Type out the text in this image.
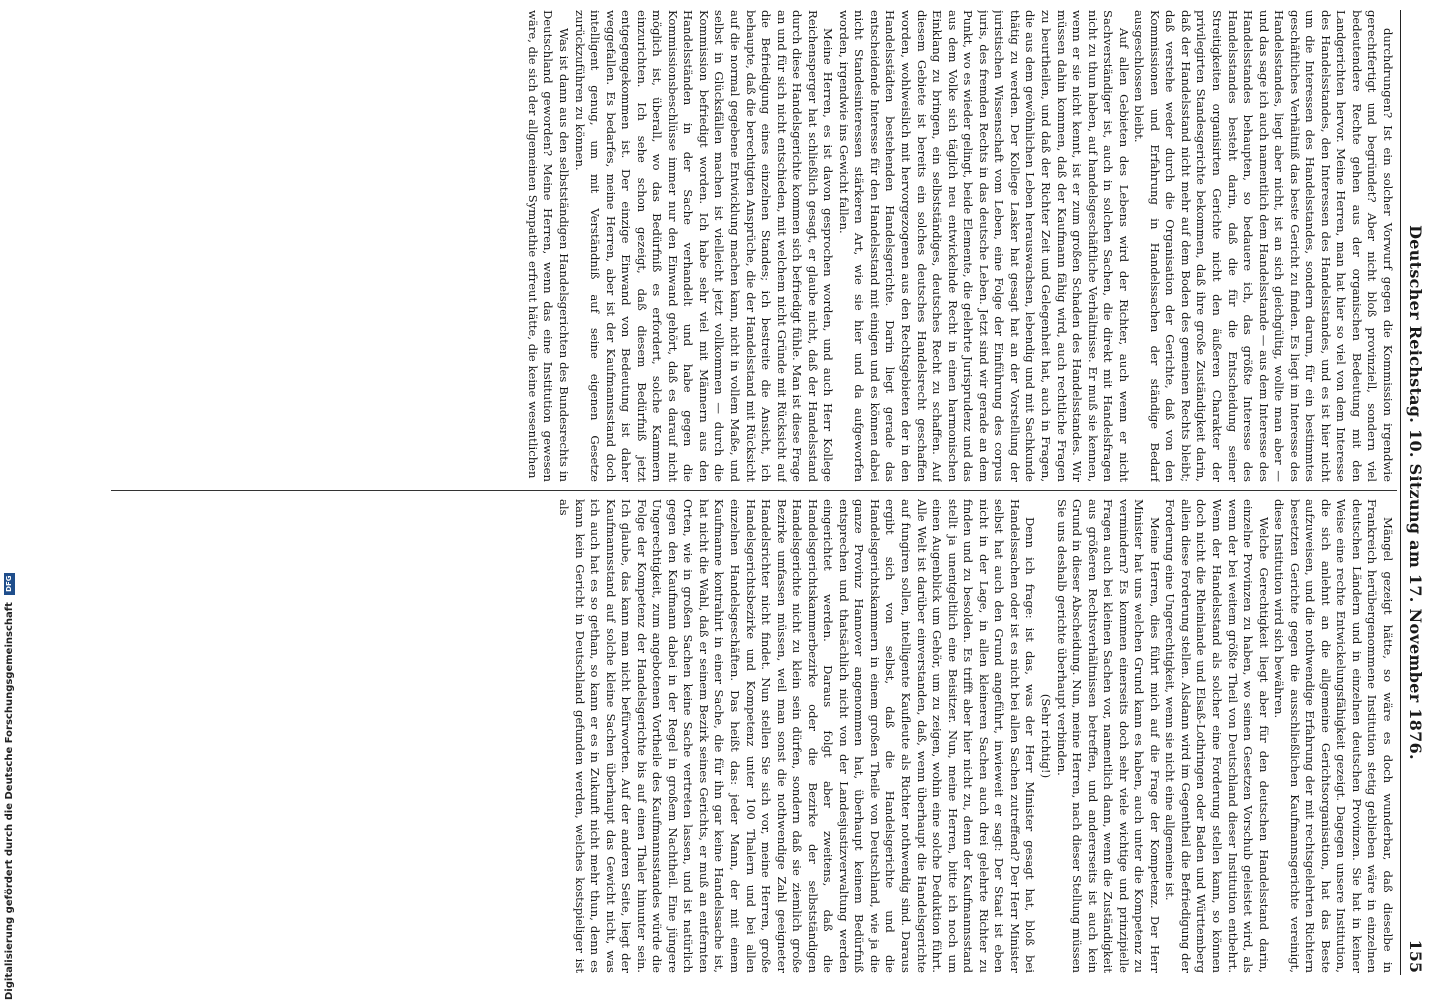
Deutscher Reichstag. 10. Sitzung am 17. November 1876.
155

durchdrungen? Ist ein solcher Vorwurf gegen die Kommission irgendwie gerechtfertigt und begründet? Aber nicht bloß provinziell, sondern viel bedeutendere Rechte gehen aus der organischen Bedeutung mit den Landgerichten hervor. Meine Herren, man hat hier so viel von dem Interesse des Handelsstandes, den Interessen des Handelsstandes, und es ist hier nicht um die Interessen des Handelsstandes, sondern darum, für ein bestimmtes geschäftliches Verhältniß das beste Gericht zu finden. Es liegt im Interesse des Handelsstandes, liegt aber nicht, ist an sich gleichgültig, wollte man aber — und das sage ich auch namentlich dem Handelsstande — aus dem Interesse des Handelsstandes behaupten, so bedauere ich, das größte Interesse des Handelsstandes besteht darin, daß die für die Entscheidung seiner Streitigkeiten organisirten Gerichte nicht den äußeren Charakter der privilegirten Standesgerichte bekommen, daß ihre große Zuständigkeit darin, daß der Handelsstand nicht mehr auf dem Boden des gemeinen Rechts bleibt; daß verstehe weder durch die Organisation der Gerichte, daß von den Kommissionen und Erfahrung in Handelssachen der ständige Bedarf ausgeschlossen bleibt.

Auf allen Gebieten des Lebens wird der Richter, auch wenn er nicht Sachverständiger ist, auch in solchen Sachen, die direkt mit Handelsfragen nicht zu thun haben, auf handelsgeschäftliche Verhältnisse. Er muß sie kennen, wenn er sie nicht kennt, ist er zum großen Schaden des Handelsstandes. Wir müssen dahin kommen, daß der Kaufmann fähig wird, auch rechtliche Fragen zu beurtheilen, und daß der Richter Zeit und Gelegenheit hat, auch in Fragen, die aus dem gewöhnlichen Leben herauswachsen, lebendig und mit Sachkunde thätig zu werden. Der Kollege Lasker hat gesagt hat an der Vorstellung der juristischen Wissenschaft vom Leben, eine Folge der Einführung des corpus juris, des fremden Rechts in das deutsche Leben. Jetzt sind wir gerade an dem Punkt, wo es wieder gelingt, beide Elemente, die gelehrte Jurisprudenz und das aus dem Volke sich täglich neu entwickelnde Recht in einen harmonischen Einklang zu bringen, ein selbstständiges, deutsches Recht zu schaffen. Auf diesem Gebiete ist bereits ein solches deutsches Handelsrecht geschaffen worden, wohlweislich mit hervorgezogenen aus den Rechtsgebieten der in den Handelsstädten bestehenden Handelsgerichte. Darin liegt gerade das entscheidende Interesse für den Handelsstand mit einigen und es können dabei nicht Standesinteressen stärkeren Art, wie sie hier und da aufgeworfen worden, irgendwie ins Gewicht fallen.

Meine Herren, es ist davon gesprochen worden, und auch Herr Kollege Reichensperger hat schließlich gesagt, er glaube nicht, daß der Handelsstand durch diese Handelsgerichte kommen sich befriedigt fühle. Man ist diese Frage an und für sich nicht entschieden, mit welchem nicht Gründe mit Rücksicht auf die Befriedigung eines einzelnen Standes; ich bestreite die Ansicht, ich behaupte, daß die berechtigten Ansprüche, die der Handelsstand mit Rücksicht auf die normal gegebene Entwicklung machen kann, nicht in vollem Maße, und selbst in Glücksfällen machen ist vielleicht jetzt vollkommen — durch die Kommission befriedigt worden. Ich habe sehr viel mit Männern aus den Handelsständen in der Sache verhandelt und habe gegen die Kommissionsbeschlüsse immer nur den Einwand gehört, daß es darauf nicht möglich ist, überall, wo das Bedürfniß es erfordert, solche Kammern einzurichten. Ich sehe schon gezeigt, daß diesem Bedürfniß jetzt entgegengekommen ist. Der einzige Einwand von Bedeutung ist daher weggefallen. Es bedarfes, meine Herren, aber ist der Kaufmannsstand doch intelligent genug, um mit Verständniß auf seine eigenen Gesetze zurückzuführen zu können.

Was ist dann aus den selbstständigen Handelsgerichten des Bundesrechts in Deutschland geworden? Meine Herren, wenn das eine Institution gewesen wäre, die sich der allgemeinen Sympathie erfreut hätte, die keine wesentlichen

Mängel gezeigt hätte, so wäre es doch wunderbar, daß dieselbe in Frankreich herübergenommene Institution stetig geblieben wäre in einzelnen deutschen Ländern und in einzelnen deutschen Provinzen. Sie hat in keiner Weise eine rechte Entwickelungsfähigkeit gezeigt. Dagegen unsere Institution, die sich anlehnt an die allgemeine Gerichtsorganisation, hat das Beste aufzuweisen, und die nothwendige Erfahrung der mit rechtsgelehrten Richtern besetzten Gerichte gegen die ausschließlichen Kaufmannsgerichte vereinigt, diese Institution wird sich bewähren.

Welche Gerechtigkeit liegt aber für den deutschen Handelsstand darin, einzelne Provinzen zu haben, wo seinen Gesetzen Vorschub geleistet wird, als wenn der bei weitem größte Theil von Deutschland dieser Institution entbehrt. Wenn der Handelsstand als solcher eine Forderung stellen kann, so können doch nicht die Rheinlande und Elsaß-Lothringen oder Baden und Württemberg allein diese Forderung stellen. Alsdann wird im Gegentheil die Befriedigung der Forderung eine Ungerechtigkeit, wenn sie nicht eine allgemeine ist.

Meine Herren, dies führt mich auf die Frage der Kompetenz. Der Herr Minister hat uns welchen Grund kann es haben, auch unter die Kompetenz zu vermindern? Es kommen einerseits doch sehr viele wichtige und prinzipielle Fragen auch bei kleinen Sachen vor, namentlich dann, wenn die Zuständigkeit aus größeren Rechtsverhältnissen betreffen, und andererseits ist auch kein Grund in dieser Abscheidung. Nun, meine Herren, nach dieser Stellung müssen Sie uns deshalb gerichte überhaupt verbinden.

(Sehr richtig!)

Denn ich frage: ist das, was der Herr Minister gesagt hat, bloß bei Handelssachen oder ist es nicht bei allen Sachen zutreffend? Der Herr Minister selbst hat auch den Grund angeführt, inwieweit er sagt: Der Staat ist eben nicht in der Lage, in allen kleineren Sachen auch drei gelehrte Richter zu finden und zu besolden. Es trifft aber hier nicht zu, denn der Kaufmannsstand stellt ja unentgeltlich eine Beisitzer. Nun, meine Herren, bitte ich noch um einen Augenblick um Gehör, um zu zeigen, wohin eine solche Deduktion führt. Alle Welt ist darüber einverstanden, daß, wenn überhaupt die Handelsgerichte auf fungiren sollen, intelligente Kaufleute als Richter nothwendig sind. Daraus ergibt sich von selbst, daß die Handelsgerichte und die Handelsgerichtskammern in einem großen Theile von Deutschland, wie ja die ganze Provinz Hannover angenommen hat, überhaupt keinem Bedürfniß entsprechen und thatsächlich nicht von der Landesjustizverwaltung werden eingerichtet werden. Daraus folgt aber zweitens, daß die Handelsgerichtskammerbezirke oder die Bezirke der selbstständigen Handelsgerichte nicht zu klein sein dürfen, sondern daß sie ziemlich große Bezirke umfassen müssen, weil man sonst die nothwendige Zahl geeigneter Handelsrichter nicht findet. Nun stellen Sie sich vor, meine Herren, große Handelsgerichtsbezirke und Kompetenz unter 100 Thalern und bei allen einzelnen Handelsgeschäften. Das heißt das: jeder Mann, der mit einem Kaufmanne kontrahirt in einer Sache, die für ihn gar keine Handelssache ist, hat nicht die Wahl, daß er seinem Bezirk seines Gerichts, er muß an entfernten Orten, wie in großen Sachen keine Sache vertreten lassen, und ist natürlich gegen den Kaufmann dabei in der Regel in großem Nachtheil. Eine jüngere Ungerechtigkeit, zum angebotenen Vortheile des Kaufmannsstandes würde die Folge der Kompetenz der Handelsgerichte bis auf einen Thaler hinunter sein. Ich glaube, das kann man nicht befürworten. Auf der anderen Seite, liegt der Kaufmannsstand auf solche kleine Sachen überhaupt das Gewicht nicht, was ich auch hat es so gethan, so kann er es in Zukunft nicht mehr thun, denn es kann kein Gericht in Deutschland gefunden werden, welches kostspieliger ist als

Digitalisierung gefördert durch die Deutsche Forschungsgemeinschaft DFG
